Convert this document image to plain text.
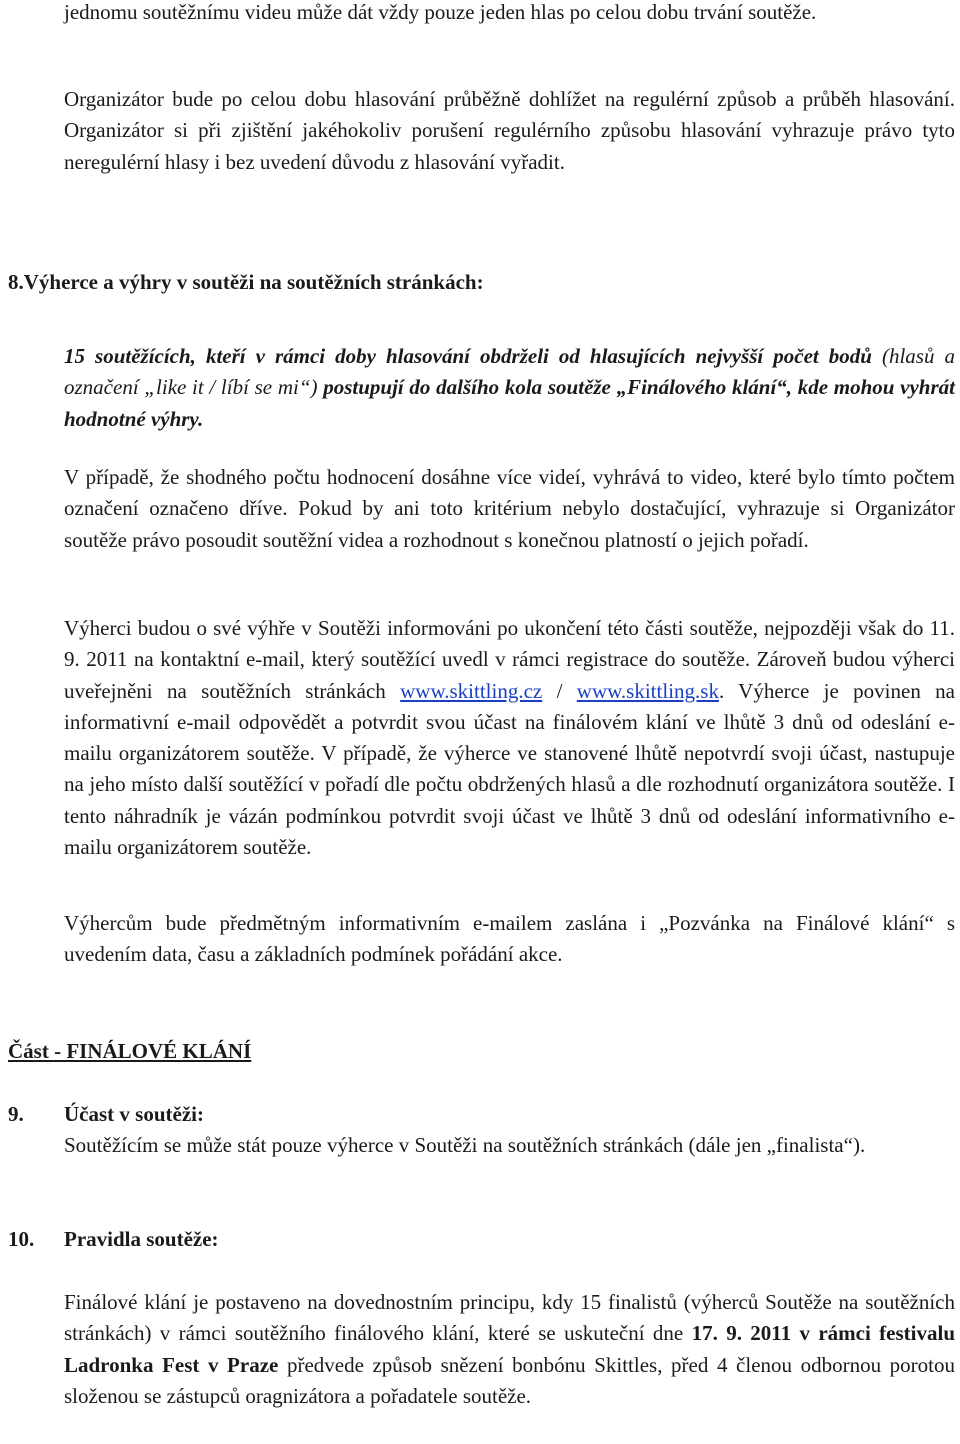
jednomu soutěžnímu videu může dát vždy pouze jeden hlas po celou dobu trvání soutěže.

Organizátor bude po celou dobu hlasování průběžně dohlížet na regulérní způsob a průběh hlasování. Organizátor si při zjištění jakéhokoliv porušení regulérního způsobu hlasování vyhrazuje právo tyto neregulérní hlasy i bez uvedení důvodu z hlasování vyřadit.

8.Výherce a výhry v soutěži na soutěžních stránkách:

15 soutěžících, kteří v rámci doby hlasování obdrželi od hlasujících nejvyšší počet bodů (hlasů a označení „like it / líbí se mi“) postupují do dalšího kola soutěže „Finálového klání“, kde mohou vyhrát hodnotné výhry.

V případě, že shodného počtu hodnocení dosáhne více videí, vyhrává to video, které bylo tímto počtem označení označeno dříve. Pokud by ani toto kritérium nebylo dostačující, vyhrazuje si Organizátor soutěže právo posoudit soutěžní videa a rozhodnout s konečnou platností o jejich pořadí.

Výherci budou o své výhře v Soutěži informováni po ukončení této části soutěže, nejpozději však do 11. 9. 2011 na kontaktní e-mail, který soutěžící uvedl v rámci registrace do soutěže. Zároveň budou výherci uveřejněni na soutěžních stránkách www.skittling.cz / www.skittling.sk. Výherce je povinen na informativní e-mail odpovědět a potvrdit svou účast na finálovém klání ve lhůtě 3 dnů od odeslání e-mailu organizátorem soutěže. V případě, že výherce ve stanovené lhůtě nepotvrdí svoji účast, nastupuje na jeho místo další soutěžící v pořadí dle počtu obdržených hlasů a dle rozhodnutí organizátora soutěže. I tento náhradník je vázán podmínkou potvrdit svoji účast ve lhůtě 3 dnů od odeslání informativního e-mailu organizátorem soutěže.

Výhercům bude předmětným informativním e-mailem zaslána i „Pozvánka na Finálové klání“ s uvedením data, času a základních podmínek pořádání akce.

Část - FINÁLOVÉ KLÁNÍ
9. Účast v soutěži:

Soutěžícím se může stát pouze výherce v Soutěži na soutěžních stránkách (dále jen „finalista“).

10. Pravidla soutěže:

Finálové klání je postaveno na dovednostním principu, kdy 15 finalistů (výherců Soutěže na soutěžních stránkách) v rámci soutěžního finálového klání, které se uskuteční dne 17. 9. 2011 v rámci festivalu Ladronka Fest v Praze předvede způsob snězení bonbónu Skittles, před 4 členou odbornou porotou složenou se zástupců oragnizátora a pořadatele soutěže.
